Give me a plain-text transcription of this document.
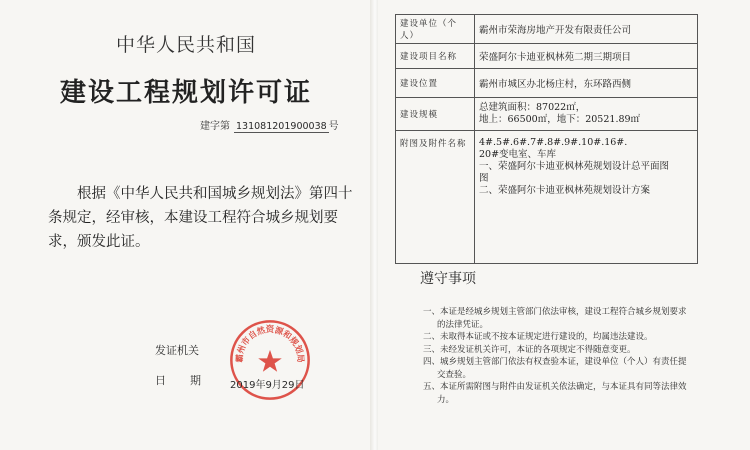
中华人民共和国
建设工程规划许可证
建字第 131081201900038 号
根据《中华人民共和国城乡规划法》第四十条规定，经审核，本建设工程符合城乡规划要求，颁发此证。
发证机关
日期
霸州市自然资源和规划局
2019年9月29日
建设单位（个人）	霸州市荣海房地产开发有限责任公司
建设项目名称	荣盛阿尔卡迪亚枫林苑二期三期项目
建设位置	霸州市城区办北杨庄村，东环路西侧
建设规模	总建筑面积：87022㎡，
地上：66500㎡，地下：20521.89㎡

附图及附件名称	4#.5#.6#.7#.8#.9#.10#.16#.
20#变电室、车库
一、荣盛阿尔卡迪亚枫林苑规划设计总平面图
图
二、荣盛阿尔卡迪亚枫林苑规划设计方案
遵守事项
一、本证是经城乡规划主管部门依法审核，建设工程符合城乡规划要求
的法律凭证。
二、未取得本证或不按本证规定进行建设的，均属违法建设。
三、未经发证机关许可，本证的各项规定不得随意变更。
四、城乡规划主管部门依法有权查验本证，建设单位（个人）有责任提
交查验。
五、本证所需附图与附件由发证机关依法确定，与本证具有同等法律效
力。
